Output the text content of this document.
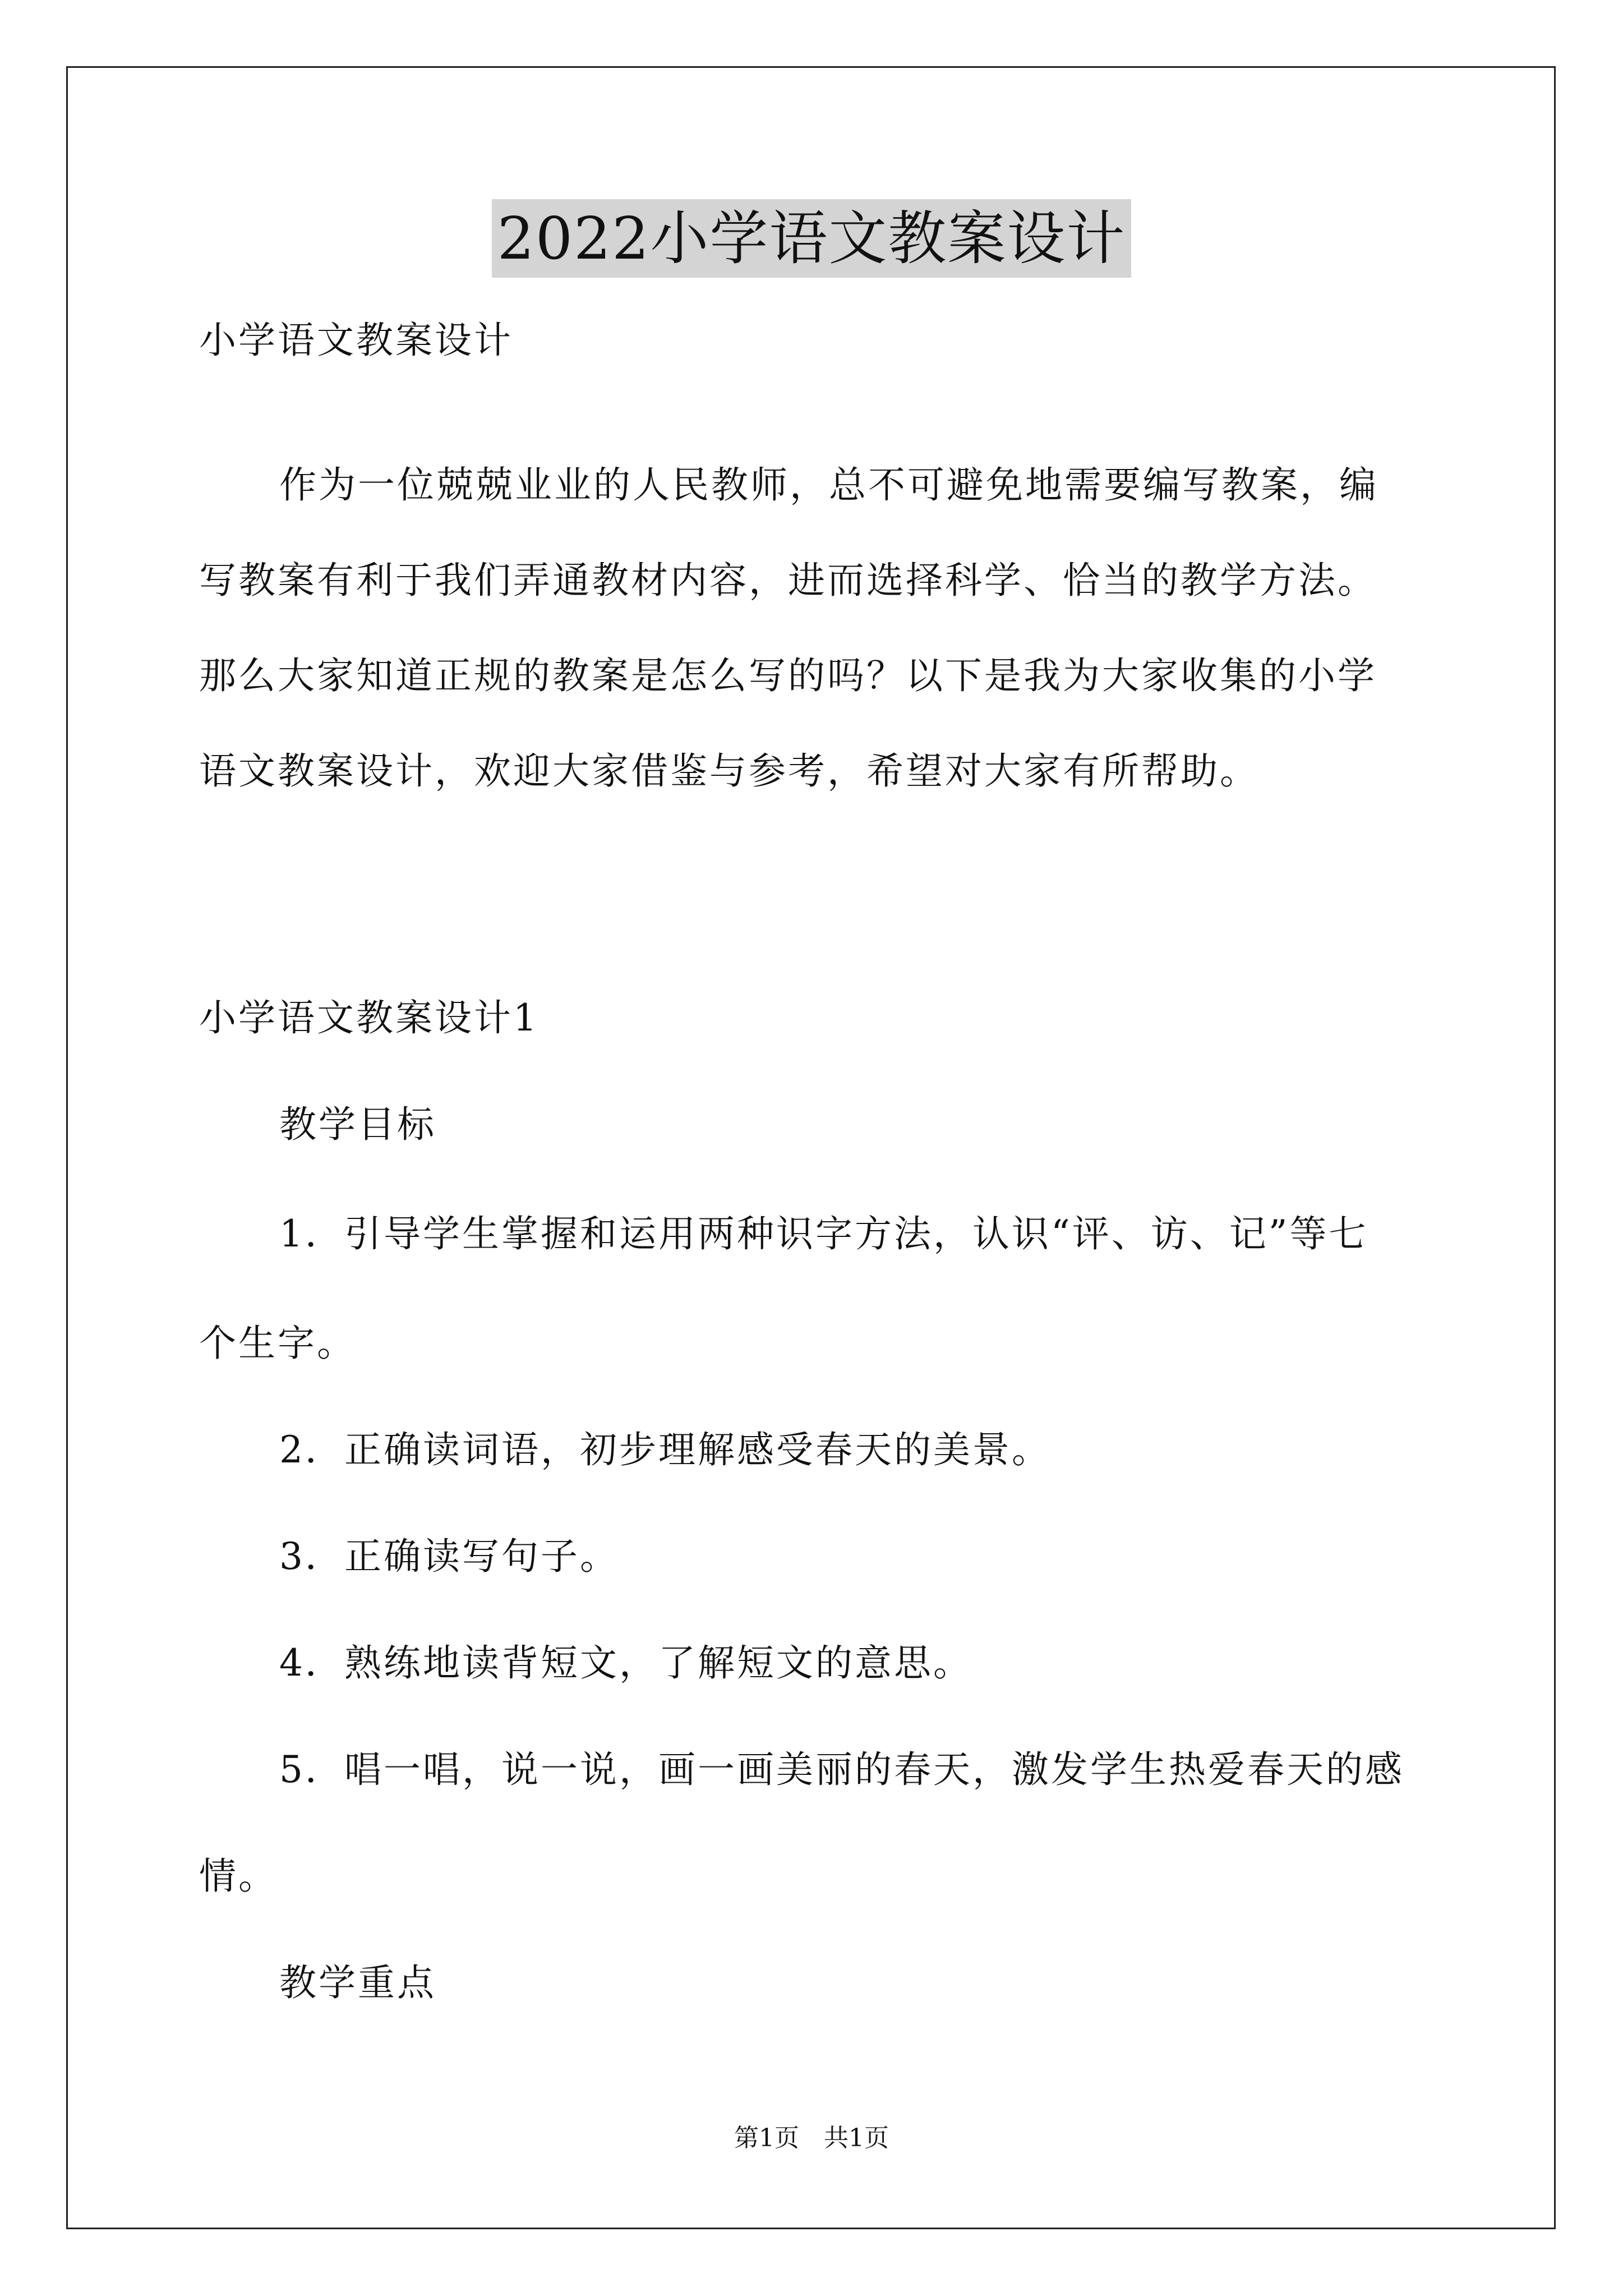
2022小学语文教案设计
小学语文教案设计
作为一位兢兢业业的人民教师，总不可避免地需要编写教案，编
写教案有利于我们弄通教材内容，进而选择科学、恰当的教学方法。
那么大家知道正规的教案是怎么写的吗？以下是我为大家收集的小学
语文教案设计，欢迎大家借鉴与参考，希望对大家有所帮助。
小学语文教案设计1
教学目标
1．引导学生掌握和运用两种识字方法，认识“评、访、记”等七
个生字。
2．正确读词语，初步理解感受春天的美景。
3．正确读写句子。
4．熟练地读背短文，了解短文的意思。
5．唱一唱，说一说，画一画美丽的春天，激发学生热爱春天的感
情。
教学重点
第1页　共1页
